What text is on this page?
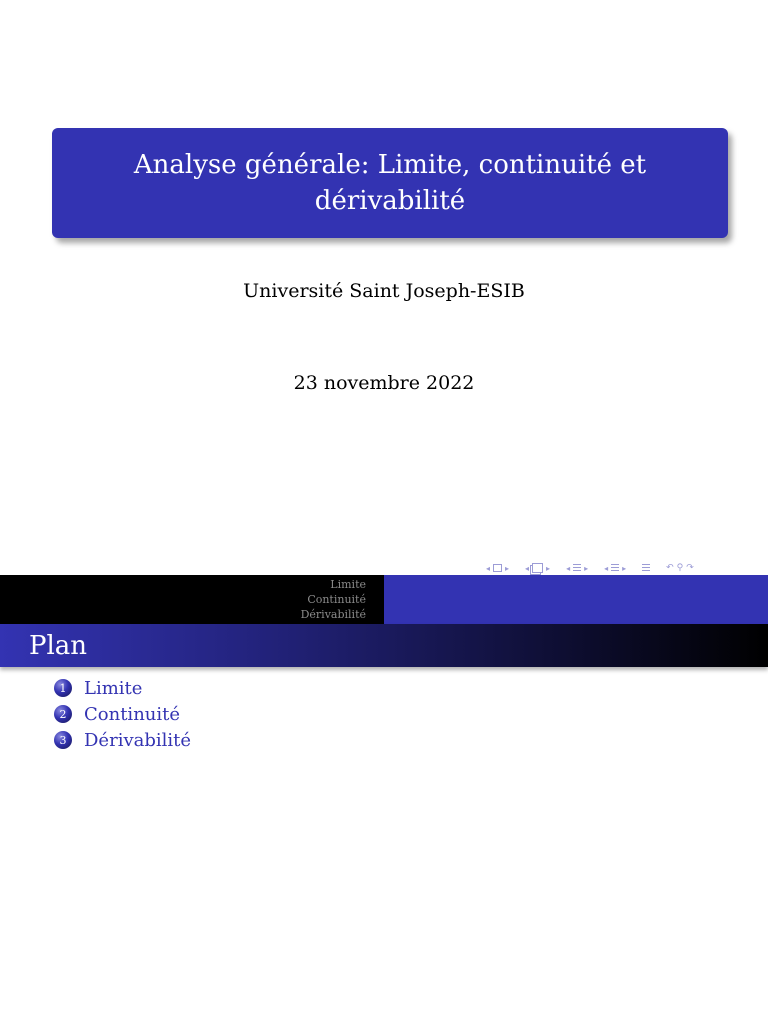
Analyse générale: Limite, continuité et dérivabilité
Université Saint Joseph-ESIB
23 novembre 2022
◂ ▸ ◂ ▸ ◂ ▸ ◂ ▸	↶ ⚲ ↷
Limite
Continuité
Dérivabilité
Plan
1 Limite
2 Continuité
3 Dérivabilité
